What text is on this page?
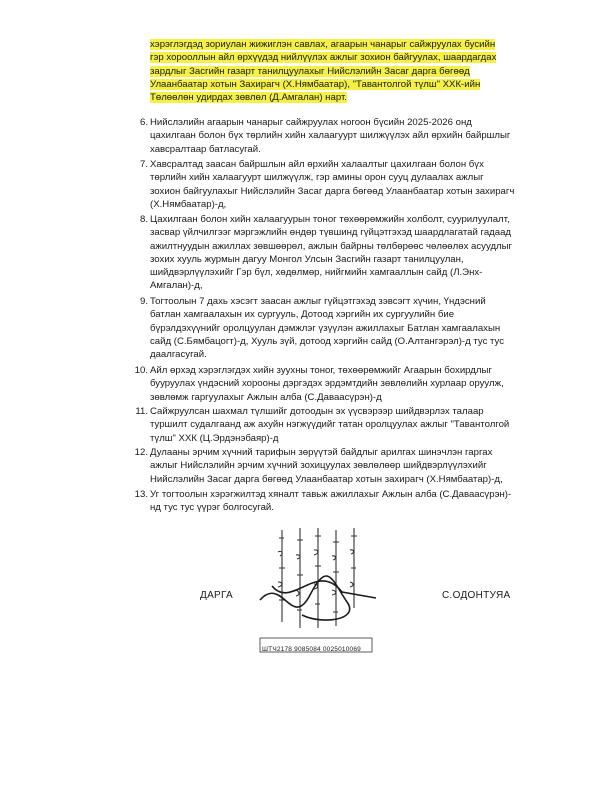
хэрэглэгдэд зориулан жижиглэн савлах, агаарын чанарыг сайжруулах бусийн
гэр хорооллын айл өрхүүдэд нийлүүлэх ажлыг зохион байгуулах, шаардагдах
зардлыг Засгийн газарт танилцуулахыг Нийслэлийн Засаг дарга бөгөөд
Улаанбаатар хотын Захирагч (Х.Нямбаатар), "Тавантолгой түлш" ХХК-ийн
Төлөөлөн удирдах зөвлөл (Д.Амгалан) нарт.
6. Нийслэлийн агаарын чанарыг сайжруулах ногоон бүсийн 2025-2026 онд
цахилгаан болон бүх төрлийн хийн халаагуурт шилжүүлэх айл өрхийн байршлыг
хавсралтаар батласугай.
7. Хавсралтад заасан байршлын айл өрхийн халаалтыг цахилгаан болон бүх
төрлийн хийн халаагуурт шилжүүлж, гэр амины орон сууц дулаалах ажлыг
зохион байгуулахыг Нийслэлийн Засаг дарга бөгөөд Улаанбаатар хотын захирагч
(Х.Нямбаатар)-д,
8. Цахилгаан болон хийн халаагуурын тоног төхөөрөмжийн холболт, суурилуулалт,
засвар үйлчилгээг мэргэжлийн өндөр түвшинд гүйцэтгэхэд шаардлагатай гадаад
ажилтнуудын ажиллах зөвшөөрөл, ажлын байрны төлбөрөөс чөлөөлөх асуудлыг
зохих хууль журмын дагуу Монгол Улсын Засгийн газарт танилцуулан,
шийдвэрлүүлэхийг Гэр бүл, хөдөлмөр, нийгмийн хамгааллын сайд (Л.Энх-
Амгалан)-д,
9. Тогтоолын 7 дахь хэсэгт заасан ажлыг гүйцэтгэхэд зэвсэгт хүчин, Үндэсний
батлан хамгаалахын их сургууль, Дотоод хэргийн их сургуулийн бие
бүрэлдэхүүнийг оролцуулан дэмжлэг үзүүлэн ажиллахыг Батлан хамгаалахын
сайд (С.Бямбацогт)-д, Хууль зүй, дотоод хэргийн сайд (О.Алтангэрэл)-д тус тус
даалгасугай.
10. Айл өрхэд хэрэглэгдэх хийн зуухны тоног, төхөөрөмжийг Агаарын бохирдлыг
бууруулах үндэсний хорооны дэргэдэх эрдэмтдийн зөвлөлийн хурлаар оруулж,
зөвлөмж гаргуулахыг Ажлын алба (С.Даваасүрэн)-д
11. Сайжруулсан шахмал түлшийг дотоодын эх үүсвэрээр шийдвэрлэх талаар
туршилт судалгаанд аж ахуйн нэгжүүдийг татан оролцуулах ажлыг "Тавантолгой
түлш" ХХК (Ц.Эрдэнэбаяр)-д
12. Дулааны эрчим хүчний тарифын зөрүүтэй байдлыг арилгах шинэчлэн гаргах
ажлыг Нийслэлийн эрчим хүчний зохицуулах зөвлөлөөр шийдвэрлүүлэхийг
Нийслэлийн Засаг дарга бөгөөд Улаанбаатар хотын захирагч (Х.Нямбаатар)-д,
13. Уг тогтоолын хэрэгжилтэд хяналт тавьж ажиллахыг Ажлын алба (С.Даваасүрэн)-
нд тус тус үүрэг болгосугай.
ДАРГА
ШТЧ2178 9085084 0025010069
С.ОДОНТУЯА
